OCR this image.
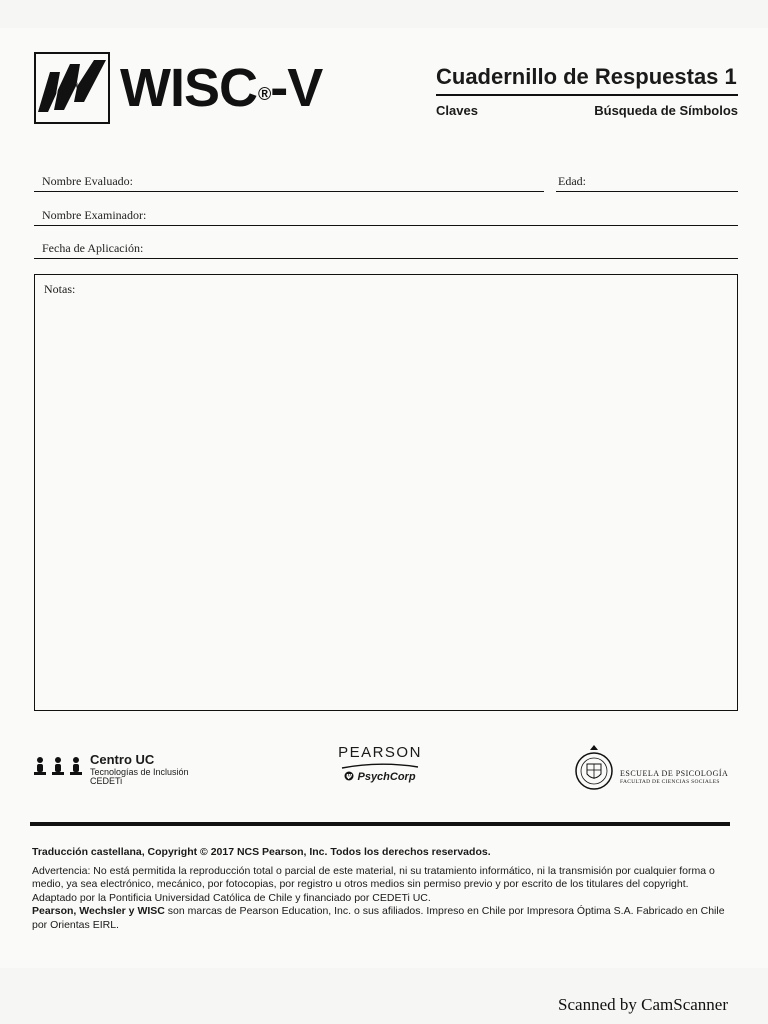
WISC®-V	Cuadernillo de Respuestas 1
Claves	Búsqueda de Símbolos
Nombre Evaluado:	Edad:
Nombre Examinador:
Fecha de Aplicación:
Notas:
Centro UC
Tecnologías de Inclusión
CEDETi
PEARSON
Ψ PsychCorp	ESCUELA DE PSICOLOGÍA
FACULTAD DE CIENCIAS SOCIALES

Traducción castellana, Copyright © 2017 NCS Pearson, Inc. Todos los derechos reservados.

Advertencia: No está permitida la reproducción total o parcial de este material, ni su tratamiento informático, ni la transmisión por cualquier forma o medio, ya sea electrónico, mecánico, por fotocopias, por registro u otros medios sin permiso previo y por escrito de los titulares del copyright.

Adaptado por la Pontificia Universidad Católica de Chile y financiado por CEDETi UC.

Pearson, Wechsler y WISC son marcas de Pearson Education, Inc. o sus afiliados. Impreso en Chile por Impresora Óptima S.A. Fabricado en Chile por Orientas EIRL.

Scanned by CamScanner
